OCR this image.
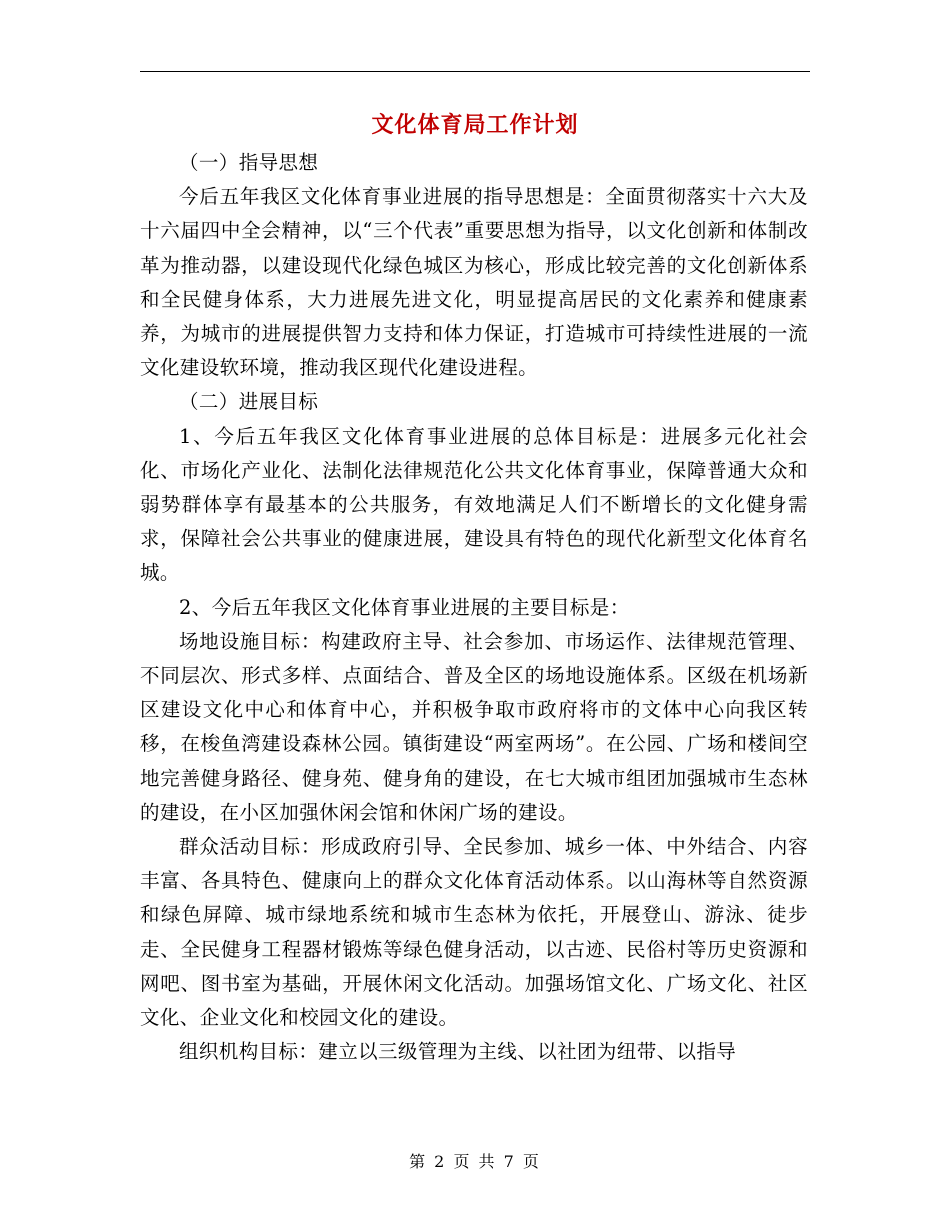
文化体育局工作计划

（一）指导思想

今后五年我区文化体育事业进展的指导思想是：全面贯彻落实十六大及十六届四中全会精神，以“三个代表”重要思想为指导，以文化创新和体制改革为推动器，以建设现代化绿色城区为核心，形成比较完善的文化创新体系和全民健身体系，大力进展先进文化，明显提高居民的文化素养和健康素养，为城市的进展提供智力支持和体力保证，打造城市可持续性进展的一流文化建设软环境，推动我区现代化建设进程。

（二）进展目标

1、今后五年我区文化体育事业进展的总体目标是：进展多元化社会化、市场化产业化、法制化法律规范化公共文化体育事业，保障普通大众和弱势群体享有最基本的公共服务，有效地满足人们不断增长的文化健身需求，保障社会公共事业的健康进展，建设具有特色的现代化新型文化体育名城。

2、今后五年我区文化体育事业进展的主要目标是：

场地设施目标：构建政府主导、社会参加、市场运作、法律规范管理、不同层次、形式多样、点面结合、普及全区的场地设施体系。区级在机场新区建设文化中心和体育中心，并积极争取市政府将市的文体中心向我区转移，在梭鱼湾建设森林公园。镇街建设“两室两场”。在公园、广场和楼间空地完善健身路径、健身苑、健身角的建设，在七大城市组团加强城市生态林的建设，在小区加强休闲会馆和休闲广场的建设。

群众活动目标：形成政府引导、全民参加、城乡一体、中外结合、内容丰富、各具特色、健康向上的群众文化体育活动体系。以山海林等自然资源和绿色屏障、城市绿地系统和城市生态林为依托，开展登山、游泳、徒步走、全民健身工程器材锻炼等绿色健身活动，以古迹、民俗村等历史资源和网吧、图书室为基础，开展休闲文化活动。加强场馆文化、广场文化、社区文化、企业文化和校园文化的建设。

组织机构目标：建立以三级管理为主线、以社团为纽带、以指导

第 2 页 共 7 页
